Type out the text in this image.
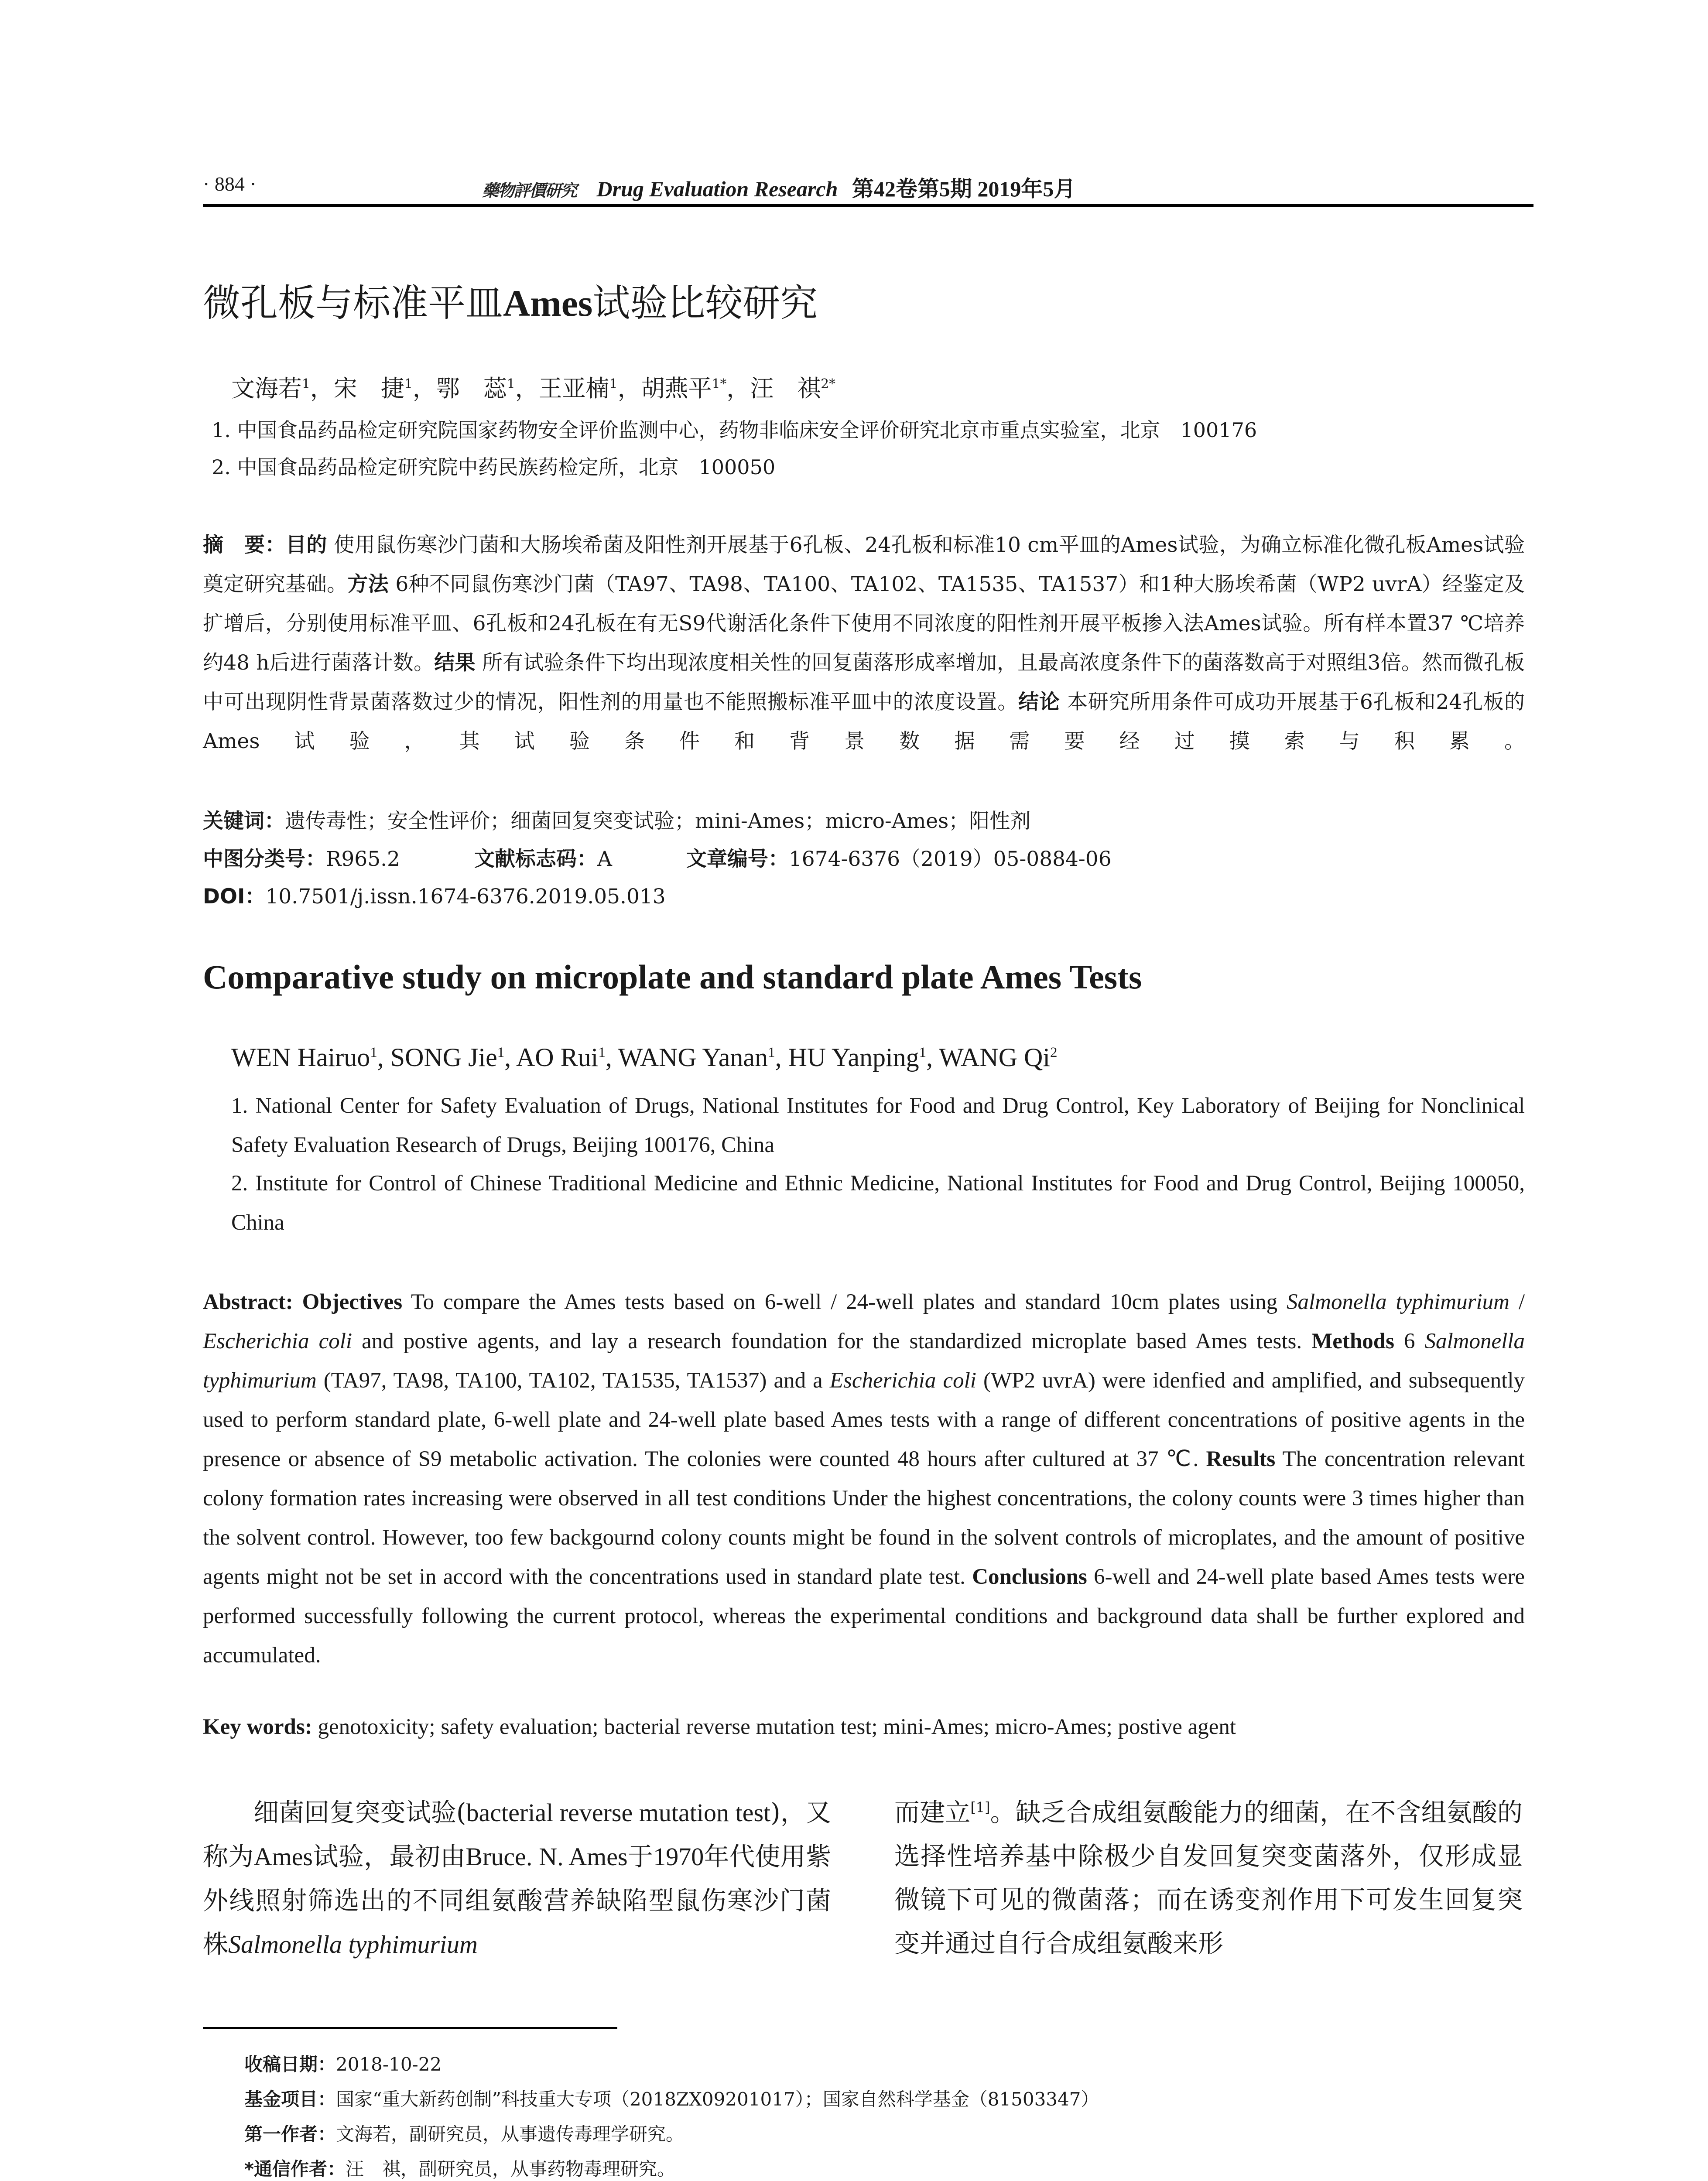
· 884 ·	藥物評價研究 Drug Evaluation Research 第42卷第5期 2019年5月
微孔板与标准平皿Ames试验比较研究
文海若$^1$，宋　捷$^1$，鄂　蕊$^1$，王亚楠$^1$，胡燕平$^{1*}$，汪　祺$^{2*}$
1. 中国食品药品检定研究院国家药物安全评价监测中心，药物非临床安全评价研究北京市重点实验室，北京　100176
2. 中国食品药品检定研究院中药民族药检定所，北京　100050
摘　要：目的 使用鼠伤寒沙门菌和大肠埃希菌及阳性剂开展基于6孔板、24孔板和标准10 cm平皿的Ames试验，为确立标准化微孔板Ames试验奠定研究基础。方法 6种不同鼠伤寒沙门菌（TA97、TA98、TA100、TA102、TA1535、TA1537）和1种大肠埃希菌（WP2 uvrA）经鉴定及扩增后，分别使用标准平皿、6孔板和24孔板在有无S9代谢活化条件下使用不同浓度的阳性剂开展平板掺入法Ames试验。所有样本置37 ℃培养约48 h后进行菌落计数。结果 所有试验条件下均出现浓度相关性的回复菌落形成率增加，且最高浓度条件下的菌落数高于对照组3倍。然而微孔板中可出现阴性背景菌落数过少的情况，阳性剂的用量也不能照搬标准平皿中的浓度设置。结论 本研究所用条件可成功开展基于6孔板和24孔板的Ames试验，其试验条件和背景数据需要经过摸索与积累。
关键词：遗传毒性；安全性评价；细菌回复突变试验；mini-Ames；micro-Ames；阳性剂
中图分类号：R965.2	文献标志码：A	文章编号：1674-6376（2019）05-0884-06
DOI：10.7501/j.issn.1674-6376.2019.05.013
Comparative study on microplate and standard plate Ames Tests
WEN Hairuo$^1$, SONG Jie$^1$, AO Rui$^1$, WANG Yanan$^1$, HU Yanping$^1$, WANG Qi$^2$
1. National Center for Safety Evaluation of Drugs, National Institutes for Food and Drug Control, Key Laboratory of Beijing for Nonclinical Safety Evaluation Research of Drugs, Beijing 100176, China
2. Institute for Control of Chinese Traditional Medicine and Ethnic Medicine, National Institutes for Food and Drug Control, Beijing 100050, China
Abstract: Objectives To compare the Ames tests based on 6-well / 24-well plates and standard 10cm plates using Salmonella typhimurium / Escherichia coli and postive agents, and lay a research foundation for the standardized microplate based Ames tests. Methods 6 Salmonella typhimurium (TA97, TA98, TA100, TA102, TA1535, TA1537) and a Escherichia coli (WP2 uvrA) were idenfied and amplified, and subsequently used to perform standard plate, 6-well plate and 24-well plate based Ames tests with a range of different concentrations of positive agents in the presence or absence of S9 metabolic activation. The colonies were counted 48 hours after cultured at 37 ℃. Results The concentration relevant colony formation rates increasing were observed in all test conditions Under the highest concentrations, the colony counts were 3 times higher than the solvent control. However, too few backgournd colony counts might be found in the solvent controls of microplates, and the amount of positive agents might not be set in accord with the concentrations used in standard plate test. Conclusions 6-well and 24-well plate based Ames tests were performed successfully following the current protocol, whereas the experimental conditions and background data shall be further explored and accumulated.
Key words: genotoxicity; safety evaluation; bacterial reverse mutation test; mini-Ames; micro-Ames; postive agent
细菌回复突变试验(bacterial reverse mutation test)，又称为Ames试验，最初由Bruce. N. Ames于1970年代使用紫外线照射筛选出的不同组氨酸营养缺陷型鼠伤寒沙门菌株Salmonella typhimurium
而建立[1]。缺乏合成组氨酸能力的细菌，在不含组氨酸的选择性培养基中除极少自发回复突变菌落外，仅形成显微镜下可见的微菌落；而在诱变剂作用下可发生回复突变并通过自行合成组氨酸来形
收稿日期：2018-10-22
基金项目：国家“重大新药创制”科技重大专项（2018ZX09201017）；国家自然科学基金（81503347）
第一作者：文海若，副研究员，从事遗传毒理学研究。
*通信作者：汪　祺，副研究员，从事药物毒理研究。
